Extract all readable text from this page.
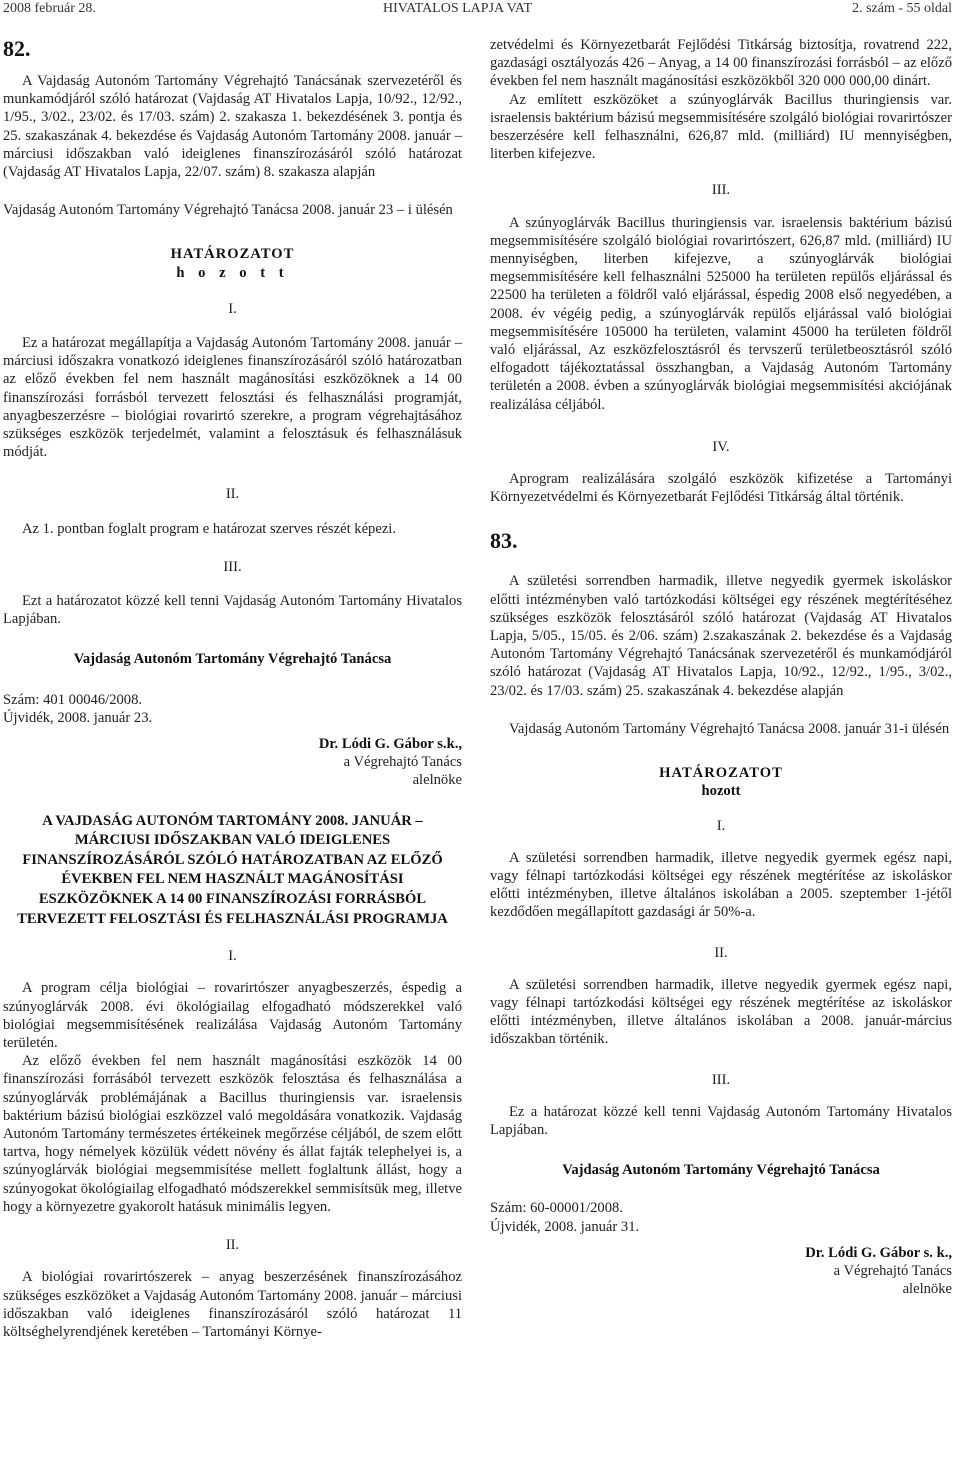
2008 február 28.	HIVATALOS LAPJA VAT	2. szám - 55 oldal

82.

A Vajdaság Autonóm Tartomány Végrehajtó Tanácsának szervezetéről és munkamódjáról szóló határozat (Vajdaság AT Hivatalos Lapja, 10/92., 12/92., 1/95., 3/02., 23/02. és 17/03. szám) 2. szakasza 1. bekezdésének 3. pontja és 25. szakaszának 4. bekezdése és Vajdaság Autonóm Tartomány 2008. január – márciusi időszakban való ideiglenes finanszírozásáról szóló határozat (Vajdaság AT Hivatalos Lapja, 22/07. szám) 8. szakasza alapján

Vajdaság Autonóm Tartomány Végrehajtó Tanácsa 2008. január 23 – i ülésén

HATÁROZATOT

h o z o t t

I.

Ez a határozat megállapítja a Vajdaság Autonóm Tartomány 2008. január – márciusi időszakra vonatkozó ideiglenes finanszírozásáról szóló határozatban az előző években fel nem használt magánosítási eszközöknek a 14 00 finanszírozási forrásból tervezett felosztási és felhasználási programját, anyagbeszerzésre – biológiai rovarirtó szerekre, a program végrehajtásához szükséges eszközök terjedelmét, valamint a felosztásuk és felhasználásuk módját.

II.

Az 1. pontban foglalt program e határozat szerves részét képezi.

III.

Ezt a határozatot közzé kell tenni Vajdaság Autonóm Tartomány Hivatalos Lapjában.

Vajdaság Autonóm Tartomány Végrehajtó Tanácsa

Szám: 401 00046/2008.

Újvidék, 2008. január 23.

Dr. Lódi G. Gábor s.k.,

a Végrehajtó Tanács

alelnöke

A VAJDASÁG AUTONÓM TARTOMÁNY 2008. JANUÁR – MÁRCIUSI IDŐSZAKBAN VALÓ IDEIGLENES FINANSZÍROZÁSÁRÓL SZÓLÓ HATÁROZATBAN AZ ELŐZŐ ÉVEKBEN FEL NEM HASZNÁLT MAGÁNOSÍTÁSI ESZKÖZÖKNEK A 14 00 FINANSZÍROZÁSI FORRÁSBÓL TERVEZETT FELOSZTÁSI ÉS FELHASZNÁLÁSI PROGRAMJA

I.

A program célja biológiai – rovarirtószer anyagbeszerzés, éspedig a szúnyoglárvák 2008. évi ökológiailag elfogadható módszerekkel való biológiai megsemmisítésének realizálása Vajdaság Autonóm Tartomány területén.

Az előző években fel nem használt magánosítási eszközök 14 00 finanszírozási forrásából tervezett eszközök felosztása és felhasználása a szúnyoglárvák problémájának a Bacillus thuringiensis var. israelensis baktérium bázisú biológiai eszközzel való megoldására vonatkozik. Vajdaság Autonóm Tartomány természetes értékeinek megőrzése céljából, de szem előtt tartva, hogy némelyek közülük védett növény és állat fajták telephelyei is, a szúnyoglárvák biológiai megsemmisítése mellett foglaltunk állást, hogy a szúnyogokat ökológiailag elfogadható módszerekkel semmisítsük meg, illetve hogy a környezetre gyakorolt hatásuk minimális legyen.

II.

A biológiai rovarirtószerek – anyag beszerzésének finanszírozásához szükséges eszközöket a Vajdaság Autonóm Tartomány 2008. január – márciusi időszakban való ideiglenes finanszírozásáról szóló határozat 11 költséghelyrendjének keretében – Tartományi Környe-

zetvédelmi és Környezetbarát Fejlődési Titkárság biztosítja, rovatrend 222, gazdasági osztályozás 426 – Anyag, a 14 00 finanszírozási forrásból – az előző években fel nem használt magánosítási eszközökből 320 000 000,00 dinárt.

Az említett eszközöket a szúnyoglárvák Bacillus thuringiensis var. israelensis baktérium bázisú megsemmisítésére szolgáló biológiai rovarirtószer beszerzésére kell felhasználni, 626,87 mld. (milliárd) IU mennyiségben, literben kifejezve.

III.

A szúnyoglárvák Bacillus thuringiensis var. israelensis baktérium bázisú megsemmisítésére szolgáló biológiai rovarirtószert, 626,87 mld. (milliárd) IU mennyiségben, literben kifejezve, a szúnyoglárvák biológiai megsemmisítésére kell felhasználni 525000 ha területen repülős eljárással és 22500 ha területen a földről való eljárással, éspedig 2008 első negyedében, a 2008. év végéig pedig, a szúnyoglárvák repülős eljárással való biológiai megsemmisítésére 105000 ha területen, valamint 45000 ha területen földről való eljárással, Az eszközfelosztásról és tervszerű területbeosztásról szóló elfogadott tájékoztatással összhangban, a Vajdaság Autonóm Tartomány területén a 2008. évben a szúnyoglárvák biológiai megsemmisítési akciójának realizálása céljából.

IV.

Aprogram realizálására szolgáló eszközök kifizetése a Tartományi Környezetvédelmi és Környezetbarát Fejlődési Titkárság által történik.

83.

A születési sorrendben harmadik, illetve negyedik gyermek iskoláskor előtti intézményben való tartózkodási költségei egy részének megtérítéséhez szükséges eszközök felosztásáról szóló határozat (Vajdaság AT Hivatalos Lapja, 5/05., 15/05. és 2/06. szám) 2.szakaszának 2. bekezdése és a Vajdaság Autonóm Tartomány Végrehajtó Tanácsának szervezetéről és munkamódjáról szóló határozat (Vajdaság AT Hivatalos Lapja, 10/92., 12/92., 1/95., 3/02., 23/02. és 17/03. szám) 25. szakaszának 4. bekezdése alapján

Vajdaság Autonóm Tartomány Végrehajtó Tanácsa 2008. január 31-i ülésén

HATÁROZATOT

hozott

I.

A születési sorrendben harmadik, illetve negyedik gyermek egész napi, vagy félnapi tartózkodási költségei egy részének megtérítése az iskoláskor előtti intézményben, illetve általános iskolában a 2005. szeptember 1-jétől kezdődően megállapított gazdasági ár 50%-a.

II.

A születési sorrendben harmadik, illetve negyedik gyermek egész napi, vagy félnapi tartózkodási költségei egy részének megtérítése az iskoláskor előtti intézményben, illetve általános iskolában a 2008. január-március időszakban történik.

III.

Ez a határozat közzé kell tenni Vajdaság Autonóm Tartomány Hivatalos Lapjában.

Vajdaság Autonóm Tartomány Végrehajtó Tanácsa

Szám: 60-00001/2008.

Újvidék, 2008. január 31.

Dr. Lódi G. Gábor s. k.,

a Végrehajtó Tanács

alelnöke
